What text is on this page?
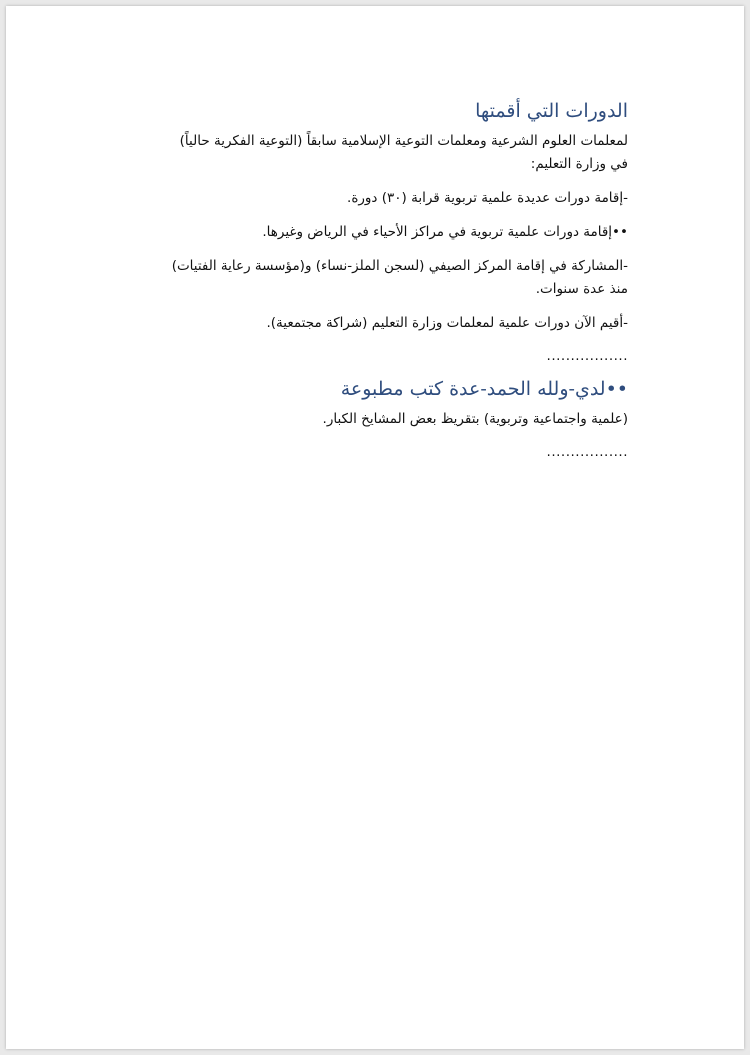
الدورات التي أقمتها

لمعلمات العلوم الشرعية ومعلمات التوعية الإسلامية سابقاً (التوعية الفكرية حالياً)

في وزارة التعليم:

-إقامة دورات عديدة علمية تربوية قرابة (٣٠) دورة.

••إقامة دورات علمية تربوية في مراكز الأحياء في الرياض وغيرها.

-المشاركة في إقامة المركز الصيفي (لسجن الملز-نساء) و(مؤسسة رعاية الفتيات)

منذ عدة سنوات.

-أقيم الآن دورات علمية لمعلمات وزارة التعليم (شراكة مجتمعية).

.................

••لدي-ولله الحمد-عدة كتب مطبوعة

(علمية واجتماعية وتربوية) بتقريظ بعض المشايخ الكبار.

.................
